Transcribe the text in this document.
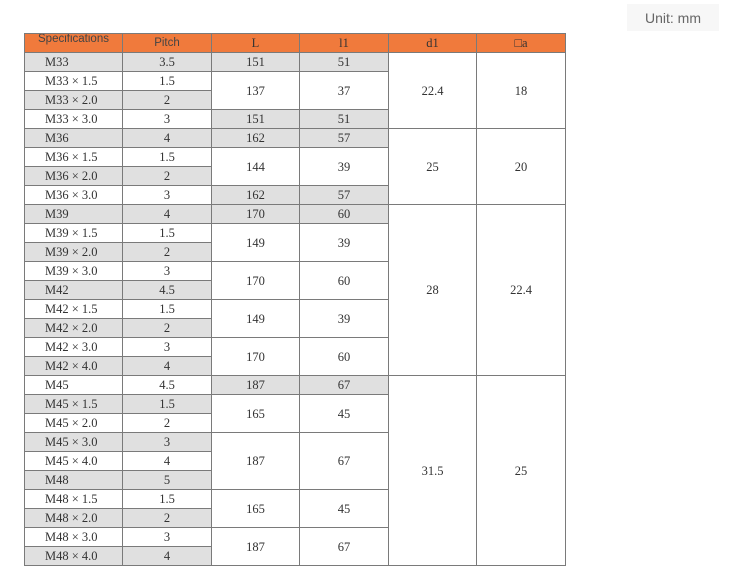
Unit: mm
Specifications	Pitch	L	l1	d1	□a
M33	3.5	151	51	22.4	18
M33 × 1.5	1.5	137	37		
M33 × 2.0	2				
M33 × 3.0	3	151	51		
M36	4	162	57	25	20
M36 × 1.5	1.5	144	39		
M36 × 2.0	2				
M36 × 3.0	3	162	57		
M39	4	170	60	28	22.4
M39 × 1.5	1.5	149	39		
M39 × 2.0	2				
M39 × 3.0	3	170	60		
M42	4.5				
M42 × 1.5	1.5	149	39		
M42 × 2.0	2				
M42 × 3.0	3	170	60		
M42 × 4.0	4				
M45	4.5	187	67	31.5	25
M45 × 1.5	1.5	165	45		
M45 × 2.0	2				
M45 × 3.0	3	187	67		
M45 × 4.0	4				
M48	5				
M48 × 1.5	1.5	165	45		
M48 × 2.0	2				
M48 × 3.0	3	187	67		
M48 × 4.0	4				
